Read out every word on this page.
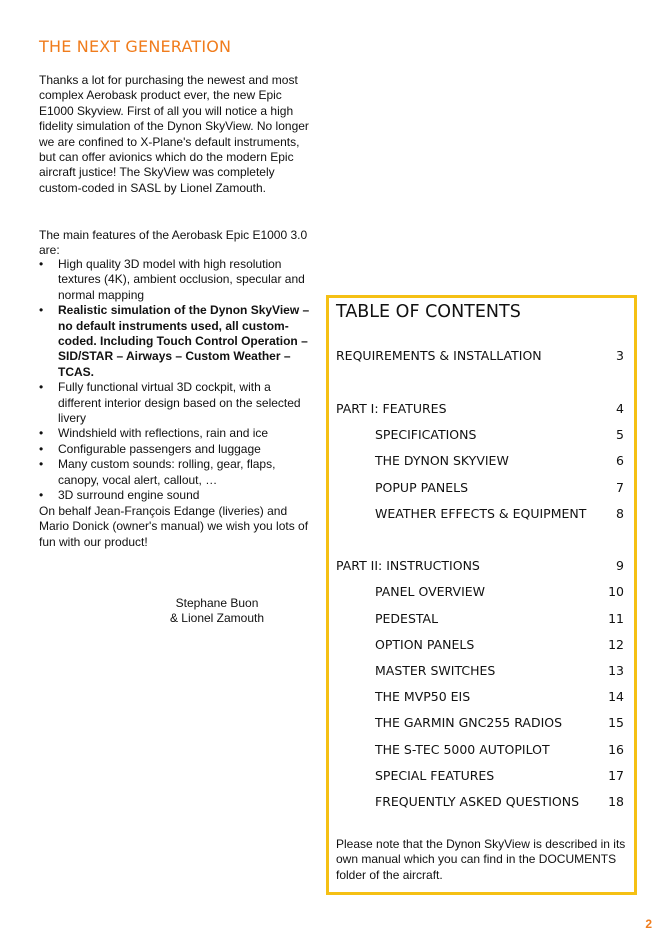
THE NEXT GENERATION
Thanks a lot for purchasing the newest and most complex Aerobask product ever, the new Epic E1000 Skyview. First of all you will notice a high fidelity simulation of the Dynon SkyView. No longer we are confined to X-Plane's default instruments, but can offer avionics which do the modern Epic aircraft justice! The SkyView was completely custom-coded in SASL by Lionel Zamouth.
The main features of the Aerobask Epic E1000 3.0 are:
• High quality 3D model with high resolution textures (4K), ambient occlusion, specular and normal mapping
• Realistic simulation of the Dynon SkyView – no default instruments used, all custom-coded. Including Touch Control Operation – SID/STAR – Airways – Custom Weather – TCAS.
• Fully functional virtual 3D cockpit, with a different interior design based on the selected livery
• Windshield with reflections, rain and ice
• Configurable passengers and luggage
• Many custom sounds: rolling, gear, flaps, canopy, vocal alert, callout, …
• 3D surround engine sound
On behalf Jean-François Edange (liveries) and Mario Donick (owner's manual) we wish you lots of fun with our product!
Stephane Buon
& Lionel Zamouth
TABLE OF CONTENTS
REQUIREMENTS & INSTALLATION	3
PART I: FEATURES	4
SPECIFICATIONS	5
THE DYNON SKYVIEW	6
POPUP PANELS	7
WEATHER EFFECTS & EQUIPMENT 8
PART II: INSTRUCTIONS	9
PANEL OVERVIEW	10
PEDESTAL	11
OPTION PANELS	12
MASTER SWITCHES	13
THE MVP50 EIS	14
THE GARMIN GNC255 RADIOS	15
THE S-TEC 5000 AUTOPILOT	16
SPECIAL FEATURES	17
FREQUENTLY ASKED QUESTIONS 18
Please note that the Dynon SkyView is described in its own manual which you can find in the DOCUMENTS folder of the aircraft.
2
